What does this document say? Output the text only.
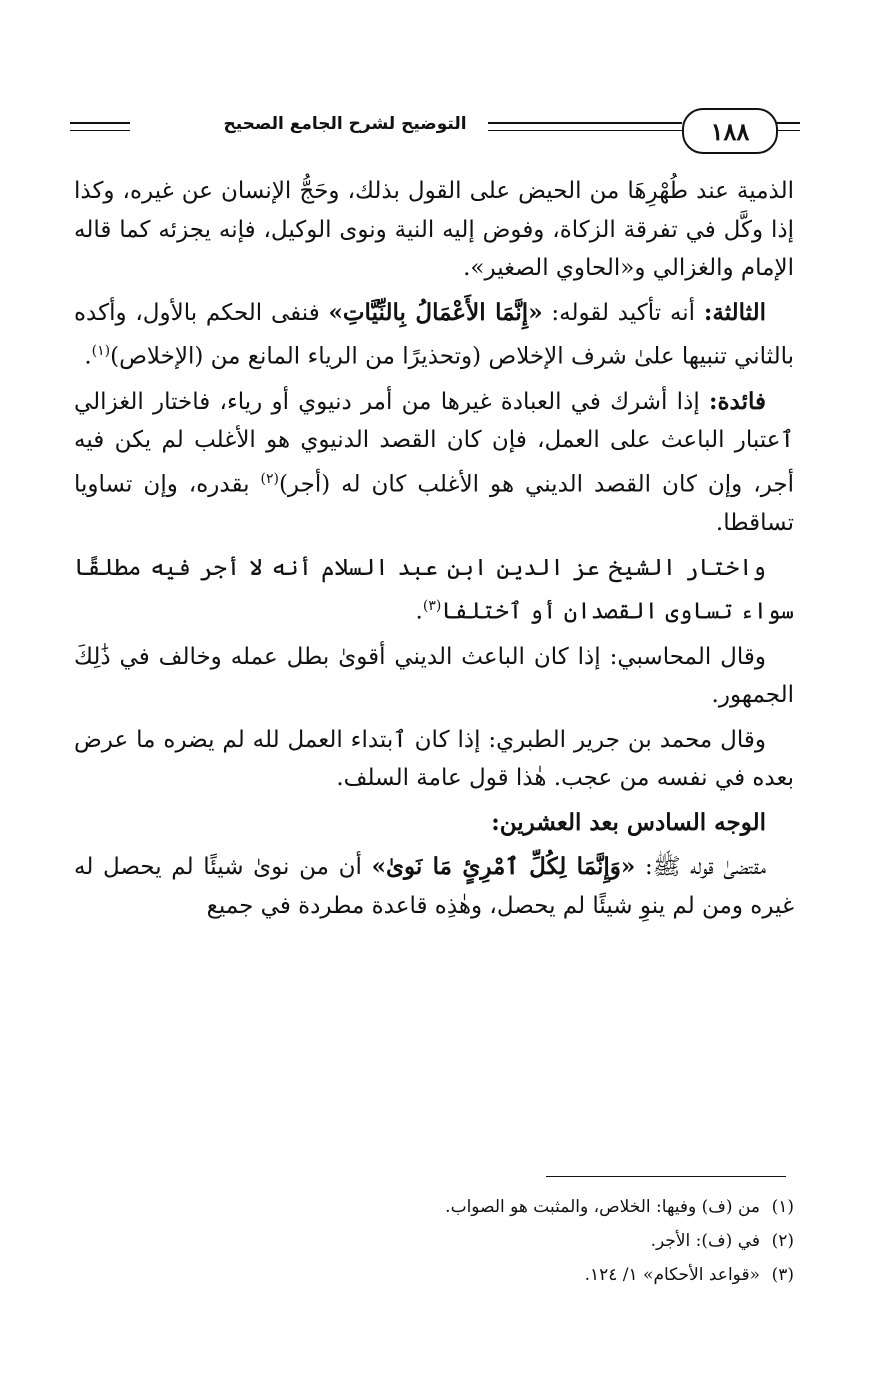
التوضيح لشرح الجامع الصحيح	١٨٨

الذمية عند طُهْرِهَا من الحيض على القول بذلك، وحَجُّ الإنسان عن غيره، وكذا إذا وكَّل في تفرقة الزكاة، وفوض إليه النية ونوى الوكيل، فإنه يجزئه كما قاله الإمام والغزالي و«الحاوي الصغير».

الثالثة: أنه تأكيد لقوله: «إِنَّمَا الأَعْمَالُ بِالنِّيَّاتِ» فنفى الحكم بالأول، وأكده بالثاني تنبيها علىٰ شرف الإخلاص (وتحذيرًا من الرياء المانع من (الإخلاص)$^{(١)}$.

فائدة: إذا أشرك في العبادة غيرها من أمر دنيوي أو رياء، فاختار الغزالي ٱعتبار الباعث على العمل، فإن كان القصد الدنيوي هو الأغلب لم يكن فيه أجر، وإن كان القصد الديني هو الأغلب كان له (أجر)$^{(٢)}$ بقدره، وإن تساويا تساقطا.

واختار الشيخ عز الدين ابن عبد السلام أنه لا أجر فيه مطلقًا سواء تساوى القصدان أو ٱختلفا$^{(٣)}$.

وقال المحاسبي: إذا كان الباعث الديني أقوىٰ بطل عمله وخالف في ذَٰلِكَ الجمهور.

وقال محمد بن جرير الطبري: إذا كان ٱبتداء العمل لله لم يضره ما عرض بعده في نفسه من عجب. هٰذا قول عامة السلف.

الوجه السادس بعد العشرين:

مقتضىٰ قوله ﷺ: «وَإِنَّمَا لِكُلِّ ٱمْرِئٍ مَا نَوىٰ» أن من نوىٰ شيئًا لم يحصل له غيره ومن لم ينوِ شيئًا لم يحصل، وهٰذِه قاعدة مطردة في جميع

(١)من (ف) وفيها: الخلاص، والمثبت هو الصواب.
(٢)في (ف): الأجر.
(٣)«قواعد الأحكام» ١/ ١٢٤.
